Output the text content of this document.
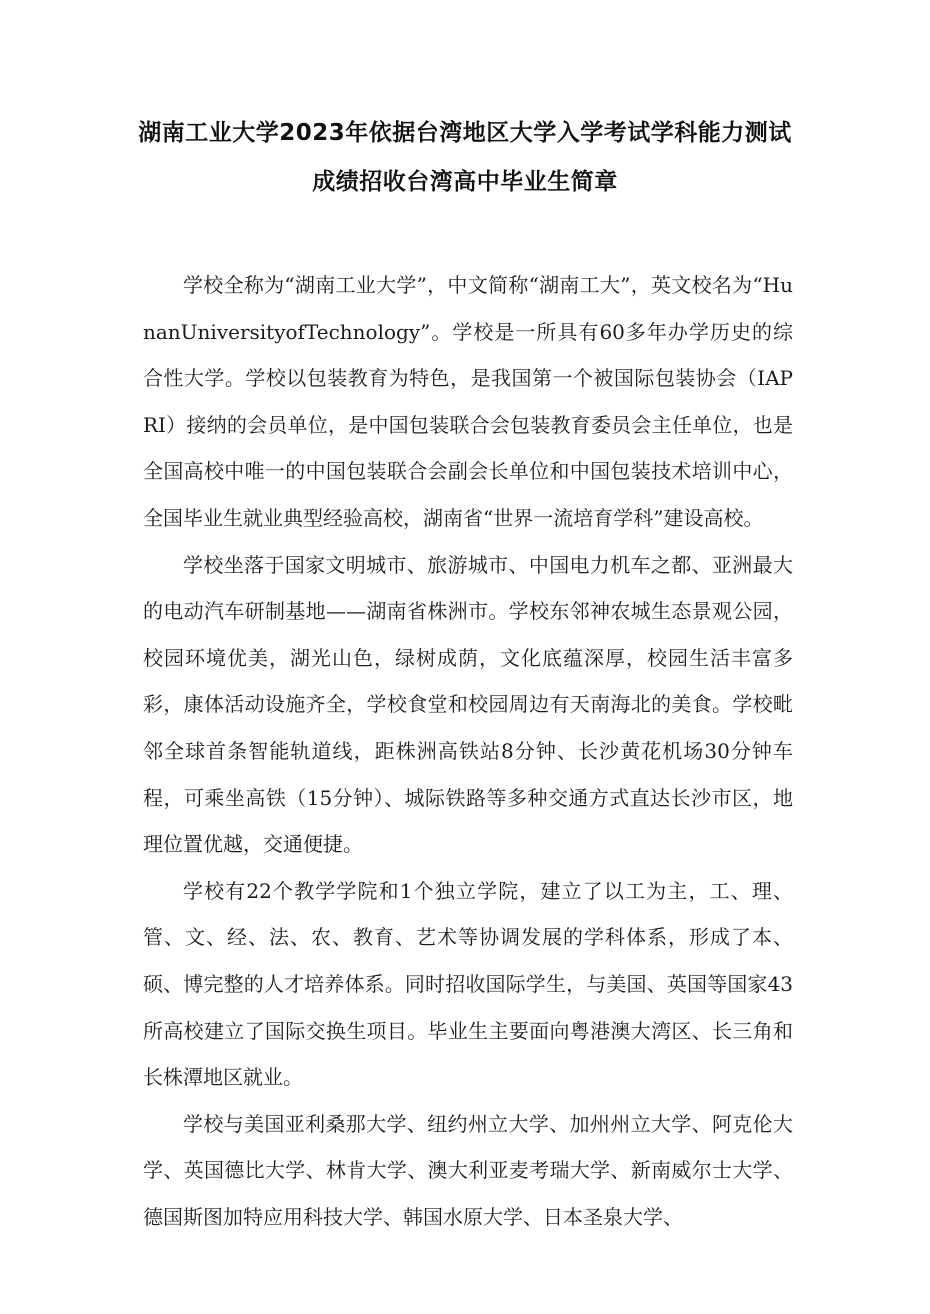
湖南工业大学2023年依据台湾地区大学入学考试学科能力测试
成绩招收台湾高中毕业生简章

学校全称为“湖南工业大学”，中文简称“湖南工大”，英文校名为“HunanUniversityofTechnology”。学校是一所具有60多年办学历史的综合性大学。学校以包装教育为特色，是我国第一个被国际包装协会（IAPRI）接纳的会员单位，是中国包装联合会包装教育委员会主任单位，也是全国高校中唯一的中国包装联合会副会长单位和中国包装技术培训中心，全国毕业生就业典型经验高校，湖南省“世界一流培育学科”建设高校。

学校坐落于国家文明城市、旅游城市、中国电力机车之都、亚洲最大的电动汽车研制基地——湖南省株洲市。学校东邻神农城生态景观公园，校园环境优美，湖光山色，绿树成荫，文化底蕴深厚，校园生活丰富多彩，康体活动设施齐全，学校食堂和校园周边有天南海北的美食。学校毗邻全球首条智能轨道线，距株洲高铁站8分钟、长沙黄花机场30分钟车程，可乘坐高铁（15分钟）、城际铁路等多种交通方式直达长沙市区，地理位置优越，交通便捷。

学校有22个教学学院和1个独立学院，建立了以工为主，工、理、管、文、经、法、农、教育、艺术等协调发展的学科体系，形成了本、硕、博完整的人才培养体系。同时招收国际学生，与美国、英国等国家43所高校建立了国际交换生项目。毕业生主要面向粤港澳大湾区、长三角和长株潭地区就业。

学校与美国亚利桑那大学、纽约州立大学、加州州立大学、阿克伦大学、英国德比大学、林肯大学、澳大利亚麦考瑞大学、新南威尔士大学、德国斯图加特应用科技大学、韩国水原大学、日本圣泉大学、
